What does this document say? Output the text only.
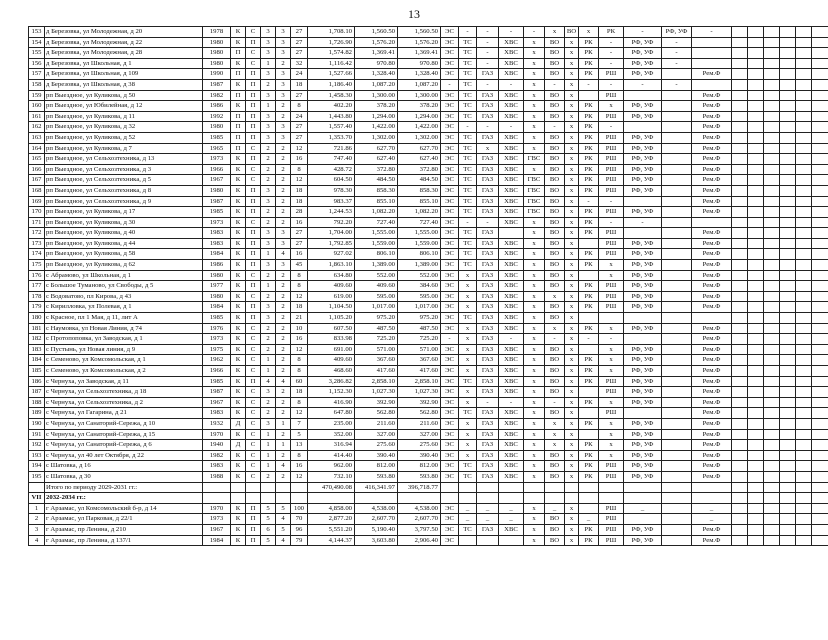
13
153	д Березовка, ул Молодежная, д 20	1978	К	С	3	3	27	1,708.10	1,560.50	1,560.50	ЭС	-	-	-	-	х	ВО	х	РК	-	РФ, УФ	-						
154	д Березовка, ул Молодежная, д 22	1980	К	П	3	3	27	1,726.90	1,576.20	1,576.20	ЭС	ТС	-	ХВС	х	ВО	х	РК	-	РФ, УФ	-							
155	д Березовка, ул Молодежная, д 28	1980	П	С	3	3	27	1,574.82	1,369.41	1,369.41	ЭС	ТС	-	ХВС	х	ВО	х	РК	-	РФ, УФ	-							
156	д Березовка, ул Школьная, д 1	1980	К	С	1	2	32	1,116.42	970.80	970.80	ЭС	ТС	-	ХВС	х	ВО	х	РК	-	РФ, УФ	-							
157	д Березовка, ул Школьная, д 109	1990	П	П	3	3	24	1,527.66	1,328.40	1,328.40	ЭС	ТС	ГАЗ	ХВС	х	ВО	х	РК	РШ	РФ, УФ		Рем.Ф						
158	д Березовка, ул Школьная, д 38	1987	К	П	2	3	18	1,186.40	1,087.20	1,087.20	-	ТС	-	-	х	-	х	-	-	-	-							
159	рп Выездное, ул Куликова, д 50	1982	П	П	3	3	27	1,458.30	1,300.00	1,300.00	ЭС	ТС	ГАЗ	ХВС	х	ВО	х		РШ			Рем.Ф						
160	рп Выездное, ул Юбилейная, д 12	1986	К	П	1	2	8	402.20	378.20	378.20	ЭС	ТС	ГАЗ	ХВС	х	ВО	х	РК	х	РФ, УФ		Рем.Ф						
161	рп Выездное, ул Куликова, д 11	1992	П	П	3	2	24	1,443.80	1,294.00	1,294.00	ЭС	ТС	ГАЗ	ХВС	х	ВО	х	РК	РШ	РФ, УФ		Рем.Ф						
162	рп Выездное, ул Куликова, д 32	1980	П	П	3	3	27	1,557.40	1,422.00	1,422.00	ЭС	-	-	-	х	-	х	РК	-			Рем.Ф						
163	рп Выездное, ул Куликова, д 52	1985	П	П	3	3	27	1,353.70	1,302.00	1,302.00	ЭС	ТС	ГАЗ	ХВС	х	ВО	х	РК	РШ	РФ, УФ		Рем.Ф						
164	рп Выездное, ул Куликова, д 7	1965	П	С	2	2	12	721.86	627.70	627.70	ЭС	ТС	х	ХВС	х	ВО	х	РК	РШ	РФ, УФ		Рем.Ф						
165	рп Выездное, ул Сельхозтехника, д 13	1973	К	П	2	2	16	747.40	627.40	627.40	ЭС	ТС	ГАЗ	ХВС	ГВС	ВО	х	РК	РШ	РФ, УФ		Рем.Ф						
166	рп Выездное, ул Сельхозтехника, д 3	1966	К	С	2	2	8	428.72	372.80	372.80	ЭС	ТС	ГАЗ	ХВС	х	ВО	х	РК	РШ	РФ, УФ		Рем.Ф						
167	рп Выездное, ул Сельхозтехника, д 5	1967	К	С	2	2	12	604.50	484.50	484.50	ЭС	ТС	ГАЗ	ХВС	ГВС	ВО	х	РК	РШ	РФ, УФ		Рем.Ф						
168	рп Выездное, ул Сельхозтехника, д 8	1980	К	П	3	2	18	978.30	858.30	858.30	ЭС	ТС	ГАЗ	ХВС	ГВС	ВО	х	РК	РШ	РФ, УФ		Рем.Ф						
169	рп Выездное, ул Сельхозтехника, д 9	1987	К	П	3	2	18	983.37	855.10	855.10	ЭС	ТС	ГАЗ	ХВС	ГВС	ВО	х	-	-			Рем.Ф						
170	рп Выездное, ул Куликова, д 17	1985	К	П	2	2	28	1,244.53	1,082.20	1,082.20	ЭС	ТС	ГАЗ	ХВС	ГВС	ВО	х	РК	РШ	РФ, УФ		Рем.Ф						
171	рп Выездное, ул Куликова, д 30	1973	К	С	2	2	16	792.20	727.40	727.40	ЭС	-	-	ХВС	х	ВО	х	РК	-	-								
172	рп Выездное, ул Куликова, д 40	1983	К	П	3	3	27	1,704.00	1,555.00	1,555.00	ЭС	ТС	ГАЗ		х	ВО	х	РК	РШ			Рем.Ф						
173	рп Выездное, ул Куликова, д 44	1983	К	П	3	3	27	1,792.85	1,559.00	1,559.00	ЭС	ТС	ГАЗ	ХВС	х	ВО	х		РШ	РФ, УФ		Рем.Ф						
174	рп Выездное, ул Куликова, д 58	1984	К	П	1	4	16	927.02	806.10	806.10	ЭС	ТС	ГАЗ	ХВС	х	ВО	х	РК	РШ	РФ, УФ		Рем.Ф						
175	рп Выездное, ул Куликова, д 62	1986	К	П	3	3	45	1,863.10	1,389.00	1,389.00	ЭС	ТС	ГАЗ	ХВС	х	ВО	х	РК	х	РФ, УФ		Рем.Ф						
176	с Абрамово, ул Школьная, д 1	1980	К	С	2	2	8	634.80	552.00	552.00	ЭС	х	ГАЗ	ХВС	х	ВО	х		х	РФ, УФ		Рем.Ф						
177	с Большое Туманово, ул Свободы, д 5	1977	К	П	1	2	8	409.60	409.60	384.60	ЭС	х	ГАЗ	ХВС	х	ВО	х	РК	РШ	РФ, УФ		Рем.Ф						
178	с Водоватово, пл Кирова, д 43	1980	К	С	2	2	12	619.00	595.00	595.00	ЭС	х	ГАЗ	ХВС	х	х	х	РК	РШ	РФ, УФ		Рем.Ф						
179	с Кирилловка, ул Полевая, д 1	1984	К	П	3	2	18	1,104.50	1,017.00	1,017.00	ЭС	х	ГАЗ	ХВС	х	ВО	х	РК	РШ	РФ, УФ		Рем.Ф						
180	с Красное, пл 1 Мая, д 11, лит А	1985	К	П	3	2	21	1,105.20	975.20	975.20	ЭС	ТС	ГАЗ	ХВС	х	ВО	х											
181	с Наумовка, ул Новая Линия, д 74	1976	К	С	2	2	10	607.50	487.50	487.50	ЭС	х	ГАЗ	ХВС	х	х	х	РК	х	РФ, УФ		Рем.Ф						
182	с Протопоповка, ул Заводская, д 1	1973	К	С	2	2	16	833.98	725.20	725.20	-	х	ГАЗ	-	х	-	х	-	-			Рем.Ф						
183	с Пустынь, ул Новая линия, д 9	1975	К	С	2	2	12	691.00	571.00	571.00	ЭС	х	ГАЗ	ХВС	х	ВО	х		х	РФ, УФ		Рем.Ф						
184	с Семеново, ул Комсомольская, д 1	1962	К	С	1	2	8	409.60	367.60	367.60	ЭС	х	ГАЗ	ХВС	х	ВО	х	РК	х	РФ, УФ		Рем.Ф						
185	с Семеново, ул Комсомольская, д 2	1966	К	С	1	2	8	468.60	417.60	417.60	ЭС	х	ГАЗ	ХВС	х	ВО	х	РК	х	РФ, УФ		Рем.Ф						
186	с Чернуха, ул Заводская, д 11	1985	К	П	4	4	60	3,286.82	2,858.10	2,858.10	ЭС	ТС	ГАЗ	ХВС	х	ВО	х	РК	РШ	РФ, УФ		Рем.Ф						
187	с Чернуха, ул Сельхозтехника, д 18	1987	К	С	3	2	18	1,152.30	1,027.30	1,027.30	ЭС	х	ГАЗ	ХВС	х	ВО	х		РШ	РФ, УФ		Рем.Ф						
188	с Чернуха, ул Сельхозтехника, д 2	1967	К	С	2	2	8	416.90	392.90	392.90	ЭС	х	-	-	х	-	х	РК	х	РФ, УФ		Рем.Ф						
189	с Чернуха, ул Гагарина, д 21	1983	К	С	2	2	12	647.80	562.80	562.80	ЭС	ТС	ГАЗ	ХВС	х	ВО	х		РШ			Рем.Ф						
190	с Чернуха, ул Санаторий-Сережа, д 10	1932	Д	С	3	1	7	235.00	211.60	211.60	ЭС	х	ГАЗ	ХВС	х	х	х	РК	х	РФ, УФ		Рем.Ф						
191	с Чернуха, ул Санаторий-Сережа, д 15	1970	К	С	1	2	5	352.00	327.00	327.00	ЭС	х	ГАЗ	ХВС	х	х	х		х	РФ, УФ		Рем.Ф						
192	с Чернуха, ул Санаторий-Сережа, д 6	1940	Д	С	1	1	13	316.94	275.60	275.60	ЭС	х	ГАЗ	ХВС	х	х	х	РК	х	РФ, УФ		Рем.Ф						
193	с Чернуха, ул 40 лет Октября, д 22	1982	К	С	1	2	8	414.40	390.40	390.40	ЭС	х	ГАЗ	ХВС	х	ВО	х	РК	х	РФ, УФ		Рем.Ф						
194	с Шатовка, д 16	1983	К	С	1	4	16	962.00	812.00	812.00	ЭС	ТС	ГАЗ	ХВС	х	ВО	х	РК	РШ	РФ, УФ		Рем.Ф						
195	с Шатовка, д 30	1988	К	С	2	2	12	732.10	593.80	593.80	ЭС	ТС	ГАЗ	ХВС	х	ВО	х	РК	РШ	РФ, УФ		Рем.Ф						
	Итого по периоду 2029-2031 гг.:							470,490.08	416,341.97	396,718.77																		
VII	2032-2034 гг.:																											
1	г Арзамас, ул Комсомольский б-р, д 14	1970	К	П	5	5	100	4,858.00	4,538.00	4,538.00	ЭС	_	_	_	х	_	х		РШ	_		_						
2	г Арзамас, ул Парковая, д 22/1	1973	К	П	5	4	70	2,877.20	2,607.70	2,607.70	ЭС	_	_	_	х	ВО	х	_	РШ			_						
3	г Арзамас, пр Ленина, д 210	1967	К	П	6	5	96	5,551.20	5,190.40	3,797.50	ЭС	ТС	ГАЗ	ХВС	х	ВО	х	РК	РШ	РФ, УФ		Рем.Ф						
4	г Арзамас, пр Ленина, д 137/1	1984	К	П	5	4	79	4,144.37	3,603.80	2,906.40	ЭС				х	ВО	х	РК	РШ	РФ, УФ		Рем.Ф						
